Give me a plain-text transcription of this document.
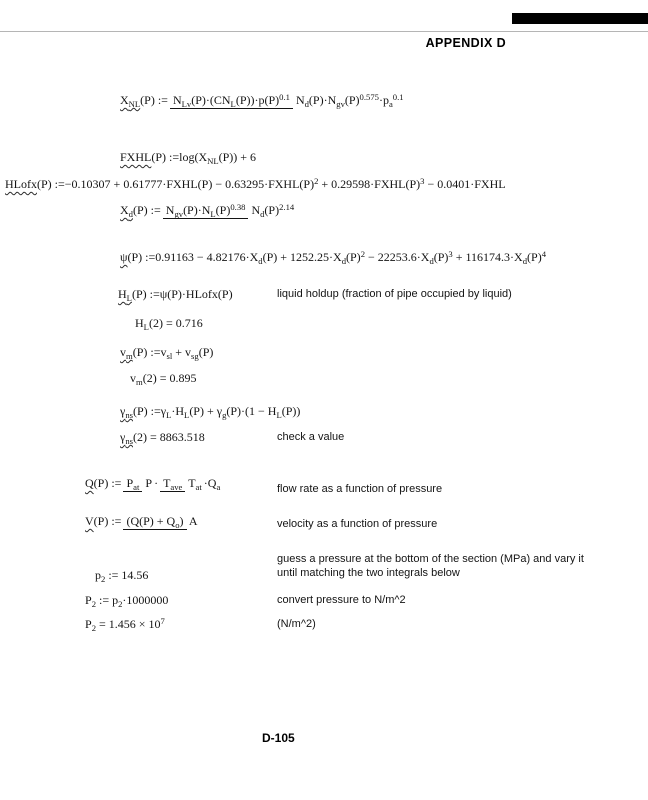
APPENDIX D
$X_{NL}$ (P) := $N_{Lv}(P)\cdot(CN_L(P))\cdot p(P)^{0.1}$ $N_d(P)\cdot N_{gv}(P)^{0.575}\cdot p_a^{0.1}$
FXHL (P) := $\log(X_{NL}(P)) + 6$
HLofx (P) := −0.10307 + 0.61777·FXHL(P) − $0.63295\cdot FXHL(P)^2$ + $0.29598\cdot FXHL(P)^3$ − 0.0401·FXHL
$X_d$ (P) := $N_{gv}(P)\cdot N_L(P)^{0.38}$ $N_d(P)^{2.14}$
ψ (P) := $0.91163 - 4.82176\cdot X_d(P) + 1252.25\cdot X_d(P)^2 - 22253.6\cdot X_d(P)^3 + 116174.3\cdot X_d(P)^4$
$H_L$ (P) := ψ(P)·HLofx(P)	liquid holdup (fraction of pipe occupied by liquid)
$H_L(2) = 0.716$
$v_m$ (P) := $v_{sl} + v_{sg}(P)$
$v_m(2) = 0.895$
$\gamma_{ns}$ (P) := $\gamma_L\cdot H_L(P) + \gamma_g(P)\cdot(1 - H_L(P))$
$\gamma_{ns}$ (2) = 8863.518	check a value
Q (P) := $P_{at}$ $P \cdot T_{ave}$ $T_{at} \cdot Q_a$	flow rate as a function of pressure
V (P) := $(Q(P) + Q_o)$ A	velocity as a function of pressure
$p_2$ := 14.56
guess a pressure at the bottom of the section (MPa) and vary it until matching the two integrals below
$P_2$ := $p_2\cdot 1000000$	convert pressure to N/m^2
$P_2 = 1.456 \times 10^7$	(N/m^2)
D-105
